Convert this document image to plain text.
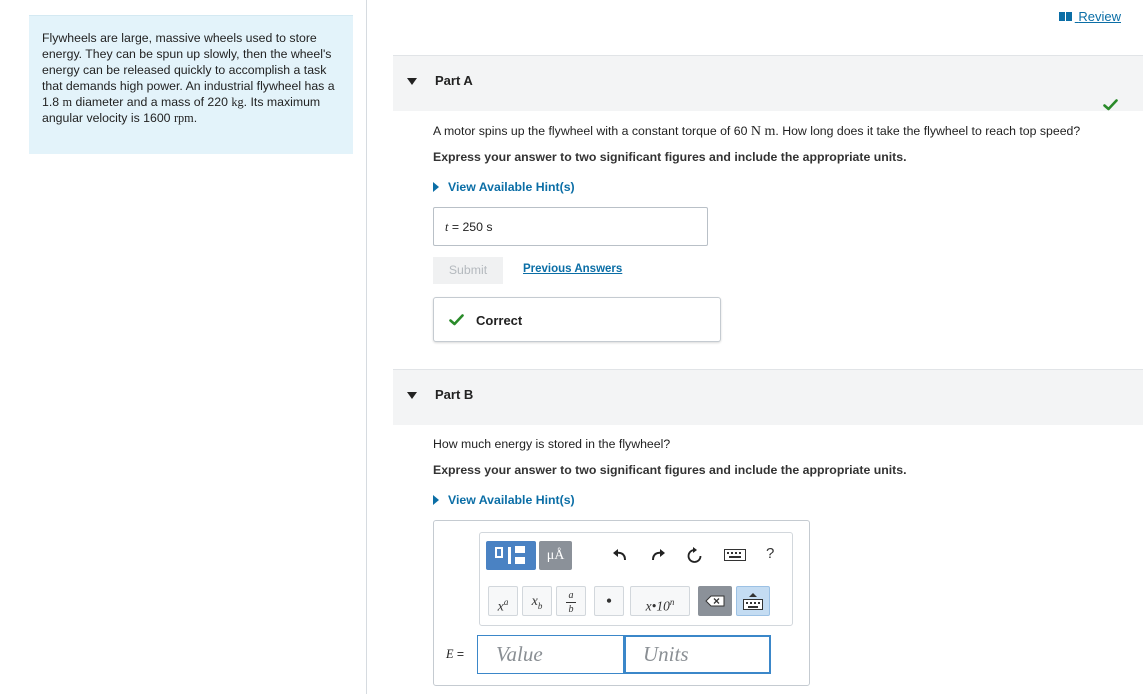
Flywheels are large, massive wheels used to store energy. They can be spun up slowly, then the wheel's energy can be released quickly to accomplish a task that demands high power. An industrial flywheel has a 1.8 m diameter and a mass of 220 kg. Its maximum angular velocity is 1600 rpm.
Review
Part A
A motor spins up the flywheel with a constant torque of 60 N m. How long does it take the flywheel to reach top speed?
Express your answer to two significant figures and include the appropriate units.
View Available Hint(s)
t = 250 s
Submit	Previous Answers
Correct
Part B
How much energy is stored in the flywheel?
Express your answer to two significant figures and include the appropriate units.
View Available Hint(s)
μÅ	?
$x^a$	$x_b$
a
b	•	x•10$^n$
E =	Value	Units
